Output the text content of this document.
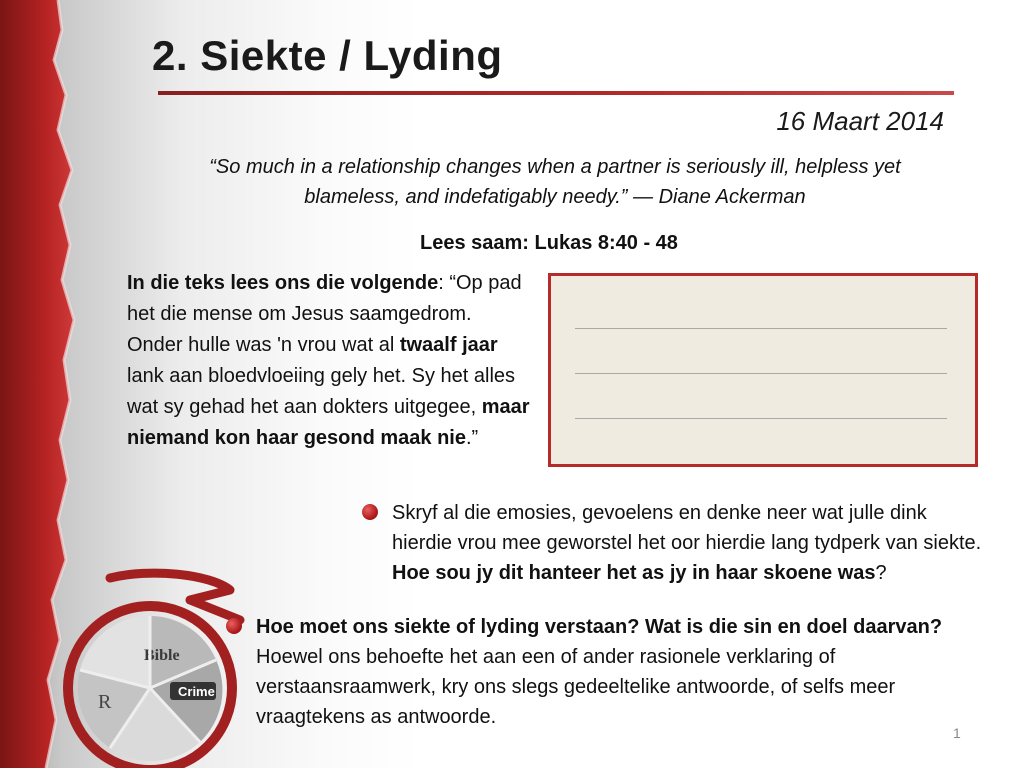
Bible
Crime
R
2. Siekte / Lyding
16 Maart 2014
“So much in a relationship changes when a partner is seriously ill, helpless yet
blameless, and indefatigably needy.” — Diane Ackerman
Lees saam: Lukas 8:40 - 48
In die teks lees ons die volgende: “Op pad het die mense om Jesus saamgedrom. Onder hulle was 'n vrou wat al twaalf jaar lank aan bloedvloeiing gely het. Sy het alles wat sy gehad het aan dokters uitgegee, maar niemand kon haar gesond maak nie.”
Skryf al die emosies, gevoelens en denke neer wat julle dink hierdie vrou mee geworstel het oor hierdie lang tydperk van siekte. Hoe sou jy dit hanteer het as jy in haar skoene was?
Hoe moet ons siekte of lyding verstaan? Wat is die sin en doel daarvan? Hoewel ons behoefte het aan een of ander rasionele verklaring of verstaansraamwerk, kry ons slegs gedeeltelike antwoorde, of selfs meer vraagtekens as antwoorde.
1
